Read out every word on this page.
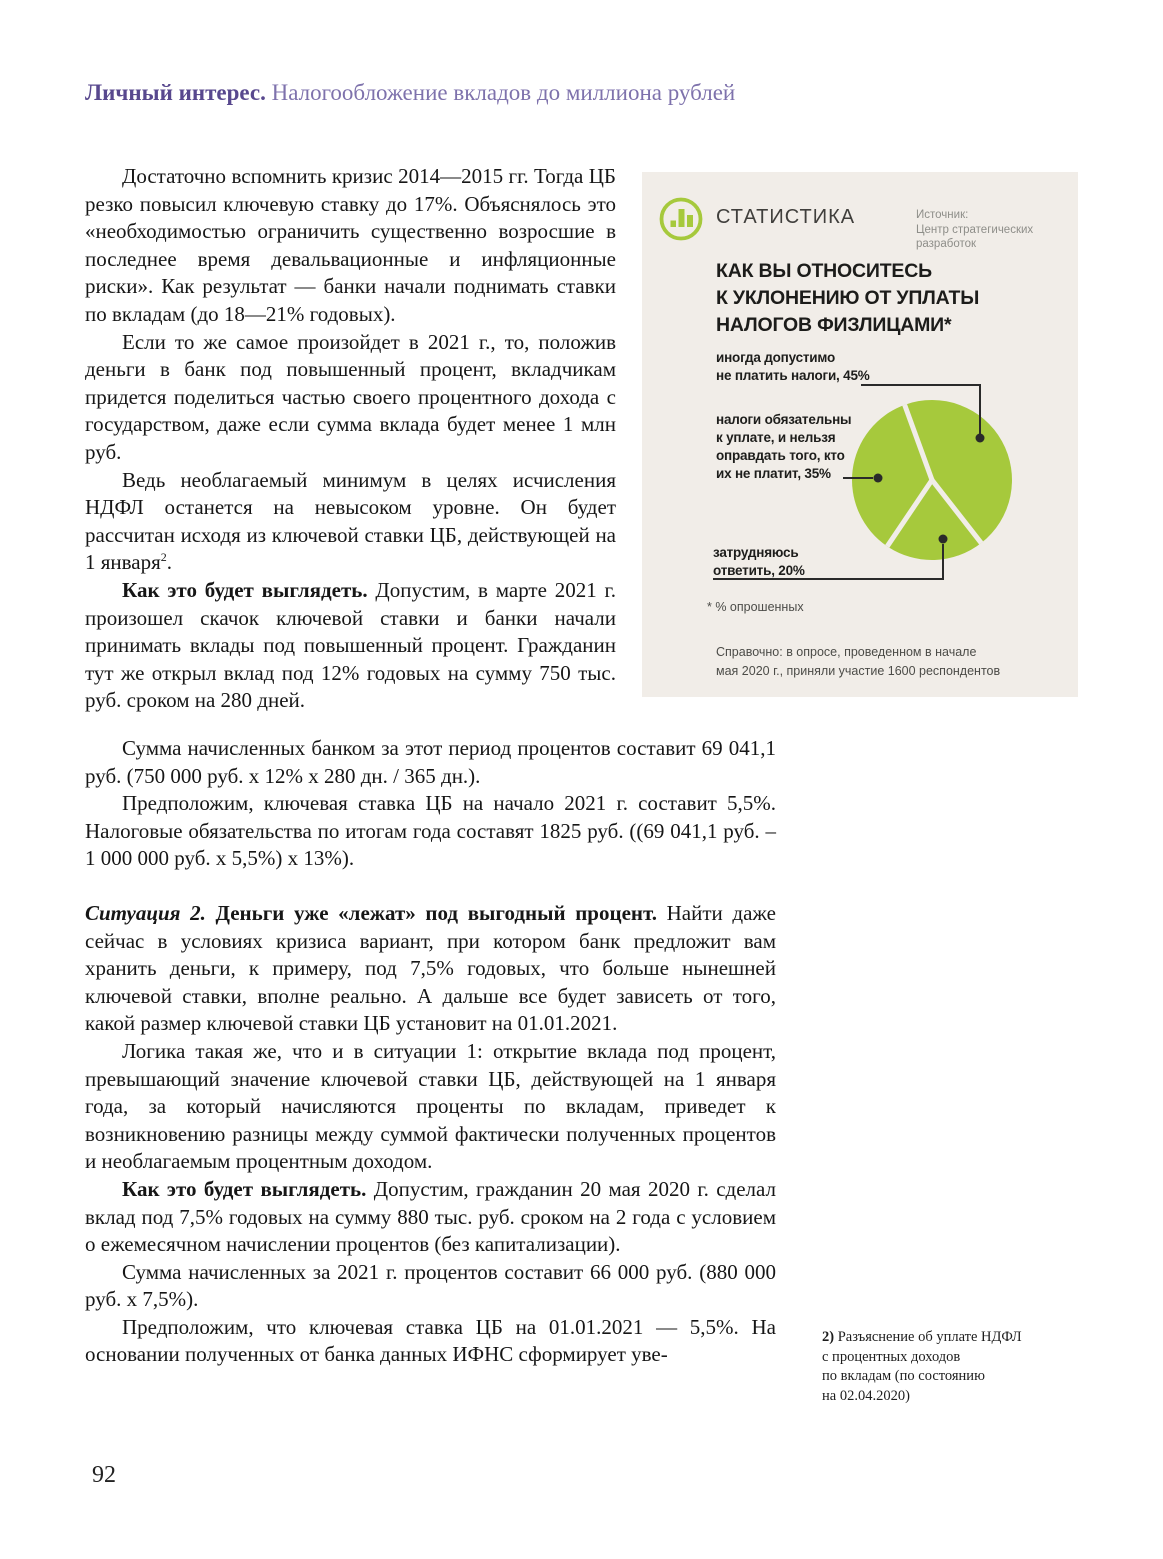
Личный интерес. Налогообложение вкладов до миллиона рублей

Достаточно вспомнить кризис 2014—2015 гг. Тогда ЦБ резко повысил ключевую ставку до 17%. Объяснялось это «необходимостью ограничить существенно возросшие в последнее время девальвационные и инфляционные риски». Как результат — банки начали поднимать ставки по вкладам (до 18—21% годовых).

Если то же самое произойдет в 2021 г., то, положив деньги в банк под повышенный процент, вкладчикам придется поделиться частью своего процентного дохода с государством, даже если сумма вклада будет менее 1 млн руб.

Ведь необлагаемый минимум в целях исчисления НДФЛ останется на невысоком уровне. Он будет рассчитан исходя из ключевой ставки ЦБ, действующей на 1 января$^2$.

Как это будет выглядеть. Допустим, в марте 2021 г. произошел скачок ключевой ставки и банки начали принимать вклады под повышенный процент. Гражданин тут же открыл вклад под 12% годовых на сумму 750 тыс. руб. сроком на 280 дней.

СТАТИСТИКА	Источник:
Центр стратегических
разработок
КАК ВЫ ОТНОСИТЕСЬ
К УКЛОНЕНИЮ ОТ УПЛАТЫ
НАЛОГОВ ФИЗЛИЦАМИ*
иногда допустимо
не платить налоги, 45%
налоги обязательны
к уплате, и нельзя
оправдать того, кто
их не платит, 35%
затрудняюсь
ответить, 20%
* % опрошенных
Справочно: в опросе, проведенном в начале
мая 2020 г., приняли участие 1600 респондентов

Сумма начисленных банком за этот период процентов составит 69 041,1 руб. (750 000 руб. х 12% х 280 дн. / 365 дн.).

Предположим, ключевая ставка ЦБ на начало 2021 г. составит 5,5%. Налоговые обязательства по итогам года составят 1825 руб. ((69 041,1 руб. – 1 000 000 руб. х 5,5%) х 13%).

Ситуация 2. Деньги уже «лежат» под выгодный процент. Найти даже сейчас в условиях кризиса вариант, при котором банк предложит вам хранить деньги, к примеру, под 7,5% годовых, что больше нынешней ключевой ставки, вполне реально. А дальше все будет зависеть от того, какой размер ключевой ставки ЦБ установит на 01.01.2021.

Логика такая же, что и в ситуации 1: открытие вклада под процент, превышающий значение ключевой ставки ЦБ, действующей на 1 января года, за который начисляются проценты по вкладам, приведет к возникновению разницы между суммой фактически полученных процентов и необлагаемым процентным доходом.

Как это будет выглядеть. Допустим, гражданин 20 мая 2020 г. сделал вклад под 7,5% годовых на сумму 880 тыс. руб. сроком на 2 года с условием о ежемесячном начислении процентов (без капитализации).

Сумма начисленных за 2021 г. процентов составит 66 000 руб. (880 000 руб. х 7,5%).

Предположим, что ключевая ставка ЦБ на 01.01.2021 — 5,5%. На основании полученных от банка данных ИФНС сформирует уве-

2) Разъяснение об уплате НДФЛ

с процентных доходов

по вкладам (по состоянию

на 02.04.2020)

92
